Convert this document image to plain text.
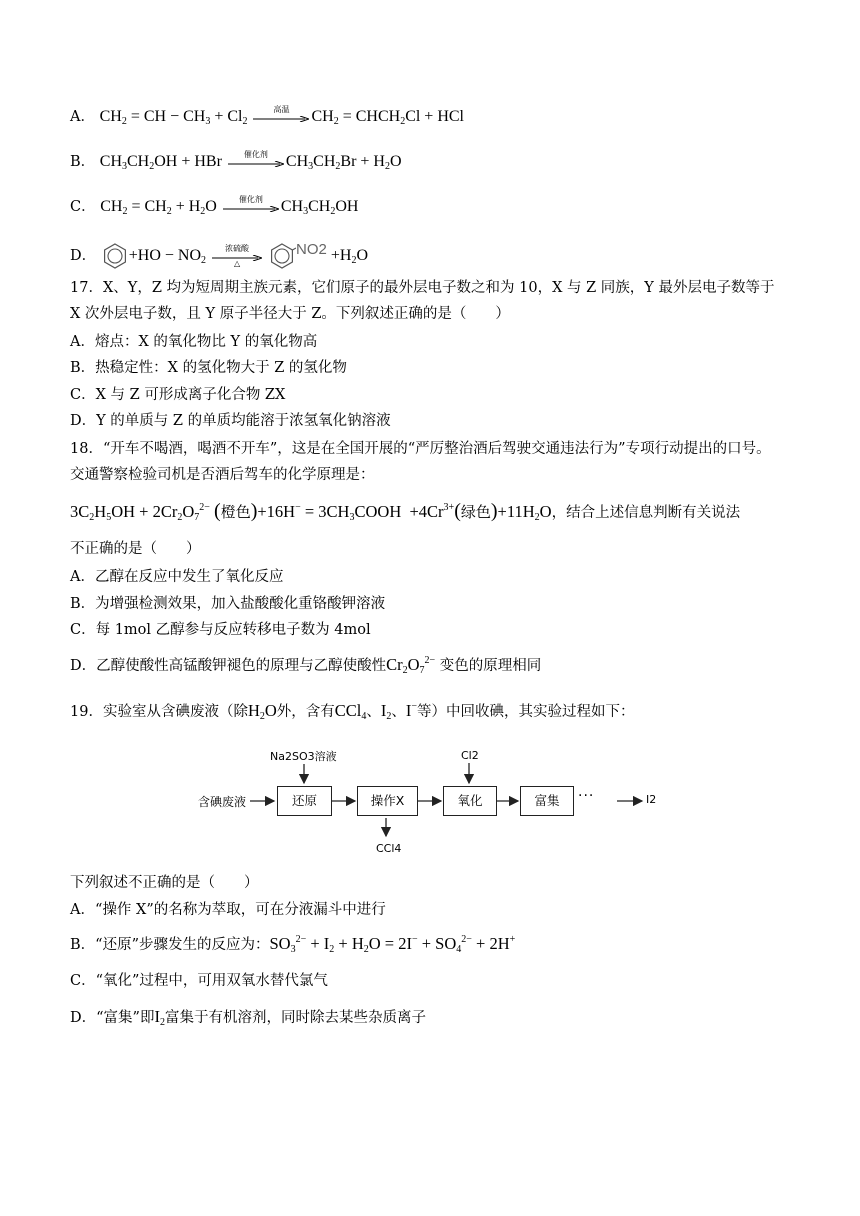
A． $CH_2$ = CH − $CH_3 + Cl_2$
高温	$CH_2$ = $CHCH_2Cl$ + HCl
B． $CH_3CH_2OH$ + HBr	催化剂	$CH_3CH_2Br + H_2O$
C． $CH_2 = CH_2 + H_2O$	催化剂	$CH_3CH_2OH$
D． $+HO - NO_2$
浓硫酸
△
$NO2 +H_2O$
17．X、Y，Z 均为短周期主族元素，它们原子的最外层电子数之和为 10，X 与 Z 同族，Y 最外层电子数等于
X 次外层电子数，且 Y 原子半径大于 Z。下列叙述正确的是（　　）
A．熔点：X 的氧化物比 Y 的氧化物高
B．热稳定性：X 的氢化物大于 Z 的氢化物
C．X 与 Z 可形成离子化合物 ZX
D．Y 的单质与 Z 的单质均能溶于浓氢氧化钠溶液
18．“开车不喝酒，喝酒不开车”，这是在全国开展的“严厉整治酒后驾驶交通违法行为”专项行动提出的口号。
交通警察检验司机是否酒后驾车的化学原理是：
$3C_2H_5OH + 2Cr_2O_7^{2-}$ (橙色)$+16H^- = 3CH_3COOH +4Cr^{3+}$(绿色)$+11H_2O$，结合上述信息判断有关说法
不正确的是（　　）
A．乙醇在反应中发生了氧化反应
B．为增强检测效果，加入盐酸酸化重铬酸钾溶液
C．每 1mol 乙醇参与反应转移电子数为 4mol
D．乙醇使酸性高锰酸钾褪色的原理与乙醇使酸性$Cr_2O_7^{2-}$ 变色的原理相同
19．实验室从含碘废液（除$H_2O$外，含有CCl$_4$、$I_2$、I−等）中回收碘，其实验过程如下：
含碘废液
Na2SO3溶液
还原	操作X
CCl4
Cl2
氧化	富集	···	I2
下列叙述不正确的是（　　）
A．“操作 X”的名称为萃取，可在分液漏斗中进行
B．“还原”步骤发生的反应为：$SO_3^{2-} + I_2 + H_2O = 2I^- + SO_4^{2-} + 2H^+$
C．“氧化”过程中，可用双氧水替代氯气
D．“富集”即$I_2$富集于有机溶剂，同时除去某些杂质离子
